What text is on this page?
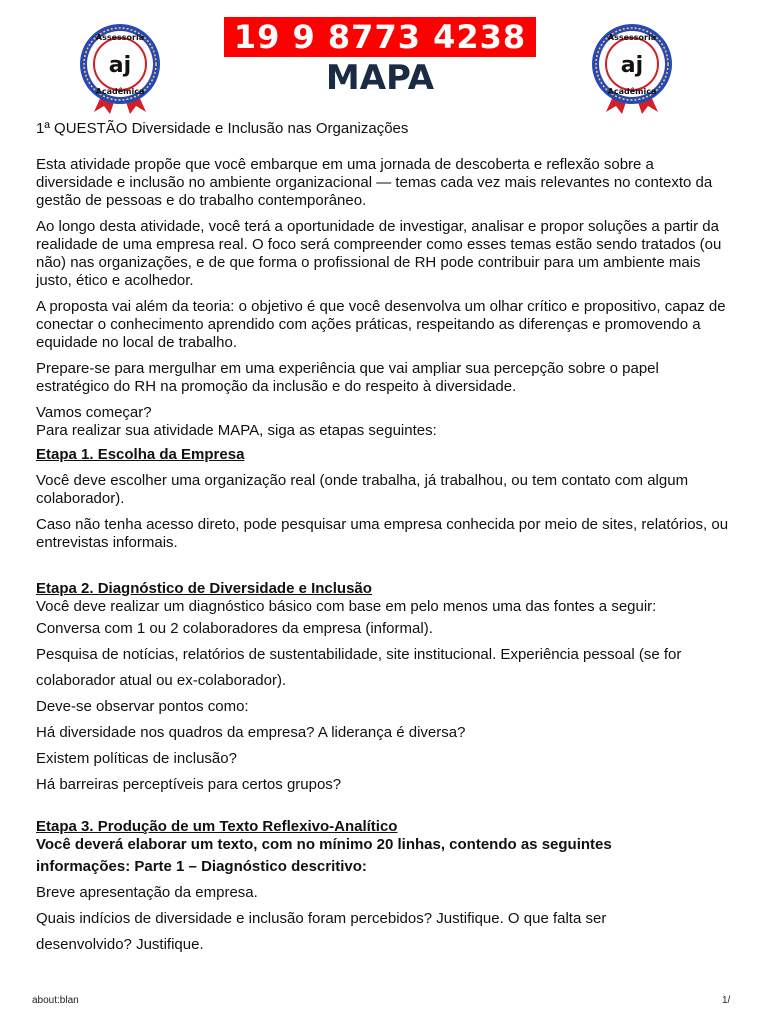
Assessoria
Acadêmica
aj
Assessoria
Acadêmica
aj
19 9 8773 4238
MAPA

1ª QUESTÃO Diversidade e Inclusão nas Organizações

Esta atividade propõe que você embarque em uma jornada de descoberta e reflexão sobre a diversidade e inclusão no ambiente organizacional — temas cada vez mais relevantes no contexto da gestão de pessoas e do trabalho contemporâneo.

Ao longo desta atividade, você terá a oportunidade de investigar, analisar e propor soluções a partir da realidade de uma empresa real. O foco será compreender como esses temas estão sendo tratados (ou não) nas organizações, e de que forma o profissional de RH pode contribuir para um ambiente mais justo, ético e acolhedor.

A proposta vai além da teoria: o objetivo é que você desenvolva um olhar crítico e propositivo, capaz de conectar o conhecimento aprendido com ações práticas, respeitando as diferenças e promovendo a equidade no local de trabalho.

Prepare-se para mergulhar em uma experiência que vai ampliar sua percepção sobre o papel estratégico do RH na promoção da inclusão e do respeito à diversidade.

Vamos começar?

Para realizar sua atividade MAPA, siga as etapas seguintes:

Etapa 1. Escolha da Empresa

Você deve escolher uma organização real (onde trabalha, já trabalhou, ou tem contato com algum colaborador).

Caso não tenha acesso direto, pode pesquisar uma empresa conhecida por meio de sites, relatórios, ou entrevistas informais.

Etapa 2. Diagnóstico de Diversidade e Inclusão

Você deve realizar um diagnóstico básico com base em pelo menos uma das fontes a seguir:

Conversa com 1 ou 2 colaboradores da empresa (informal).

Pesquisa de notícias, relatórios de sustentabilidade, site institucional. Experiência pessoal (se for

colaborador atual ou ex-colaborador).

Deve-se observar pontos como:

Há diversidade nos quadros da empresa? A liderança é diversa?

Existem políticas de inclusão?

Há barreiras perceptíveis para certos grupos?

Etapa 3. Produção de um Texto Reflexivo-Analítico

Você deverá elaborar um texto, com no mínimo 20 linhas, contendo as seguintes

informações: Parte 1 – Diagnóstico descritivo:

Breve apresentação da empresa.

Quais indícios de diversidade e inclusão foram percebidos? Justifique. O que falta ser

desenvolvido? Justifique.

about:blan	1/
